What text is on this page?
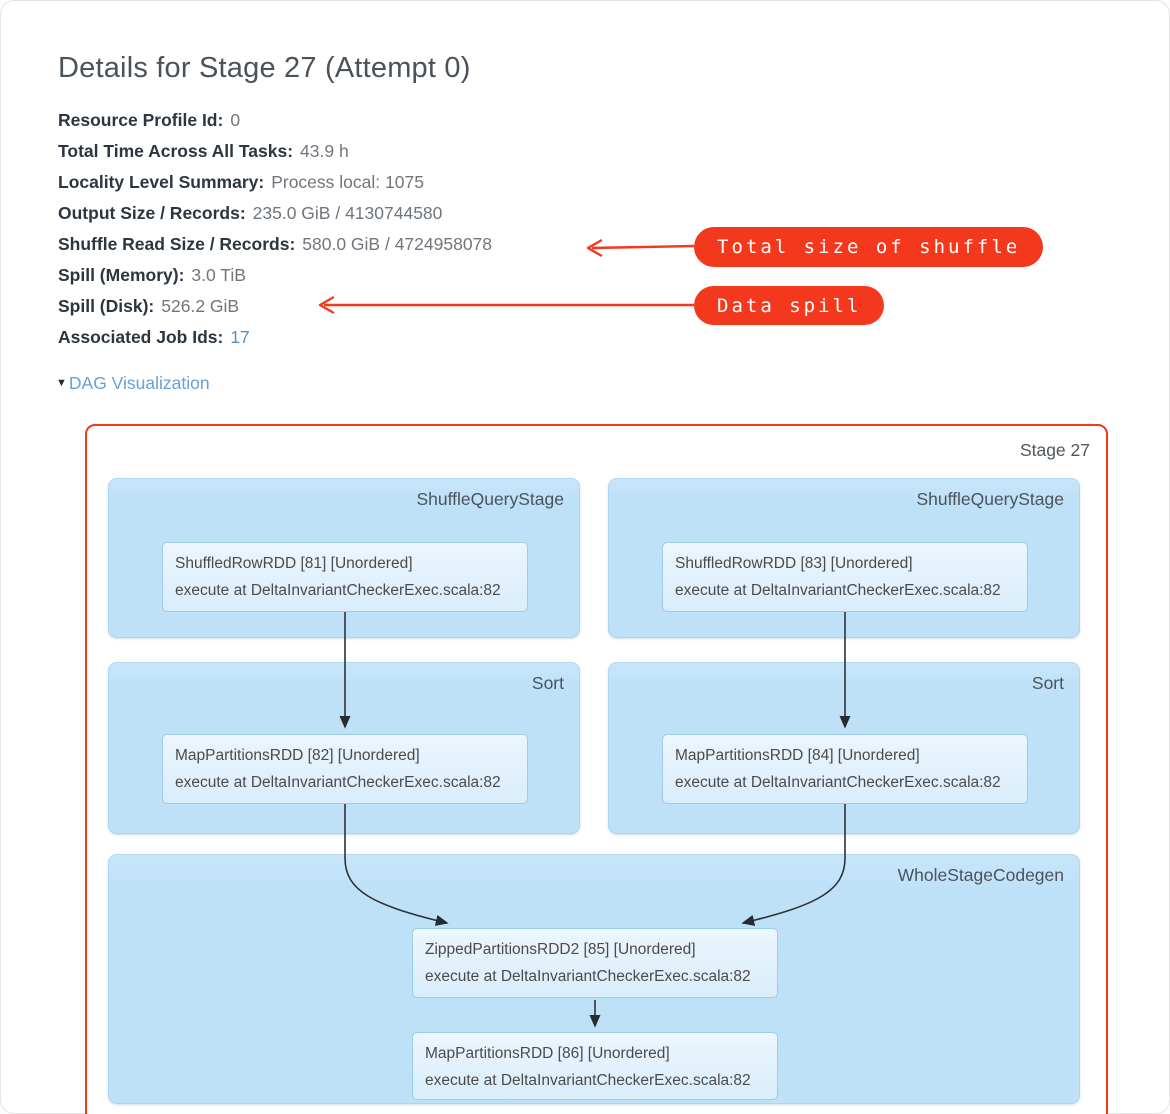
Details for Stage 27 (Attempt 0)
Resource Profile Id: 0
Total Time Across All Tasks: 43.9 h
Locality Level Summary: Process local: 1075
Output Size / Records: 235.0 GiB / 4130744580
Shuffle Read Size / Records: 580.0 GiB / 4724958078
Spill (Memory): 3.0 TiB
Spill (Disk): 526.2 GiB
Associated Job Ids: 17
▼ DAG Visualization
Total size of shuffle
Data spill
Stage 27
ShuffleQueryStage	ShuffleQueryStage
ShuffledRowRDD [81] [Unordered]
execute at DeltaInvariantCheckerExec.scala:82
ShuffledRowRDD [83] [Unordered]
execute at DeltaInvariantCheckerExec.scala:82
Sort	Sort
MapPartitionsRDD [82] [Unordered]
execute at DeltaInvariantCheckerExec.scala:82
MapPartitionsRDD [84] [Unordered]
execute at DeltaInvariantCheckerExec.scala:82
WholeStageCodegen
ZippedPartitionsRDD2 [85] [Unordered]
execute at DeltaInvariantCheckerExec.scala:82
MapPartitionsRDD [86] [Unordered]
execute at DeltaInvariantCheckerExec.scala:82
